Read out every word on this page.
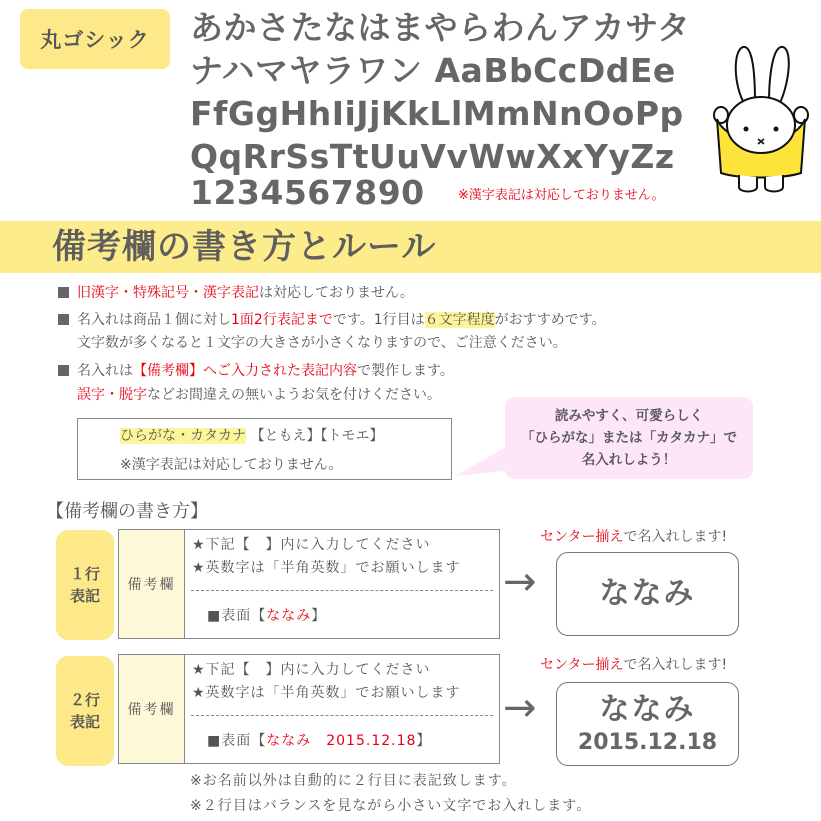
丸ゴシック	あかさたなはまやらわんアカサタ
ナハマヤラワン AaBbCcDdEe
FfGgHhIiJjKkLlMmNnOoPp
QqRrSsTtUuVvWwXxYyZz
1234567890	※漢字表記は対応しておりません。
備考欄の書き方とルール
旧漢字・特殊記号・漢字表記は対応しておりません。
名入れは商品１個に対し1面2行表記までです。1行目は６文字程度がおすすめです。
文字数が多くなると１文字の大きさが小さくなりますので、ご注意ください。
名入れは【備考欄】へご入力された表記内容で製作します。
誤字・脱字などお間違えの無いようお気を付けください。
ひらがな・カタカナ 【ともえ】【トモエ】
※漢字表記は対応しておりません。
読みやすく、可愛らしく
「ひらがな」または「カタカナ」で
名入れしよう！
【備考欄の書き方】
１行
表記
備考欄
★下記【　】内に入力してください
★英数字は「半角英数」でお願いします
■表面【ななみ】
→
センター揃えで名入れします!
ななみ
２行
表記
備考欄
★下記【　】内に入力してください
★英数字は「半角英数」でお願いします
■表面【ななみ　2015.12.18】
→
センター揃えで名入れします!
ななみ
2015.12.18
※お名前以外は自動的に２行目に表記致します。
※２行目はバランスを見ながら小さい文字でお入れします。
